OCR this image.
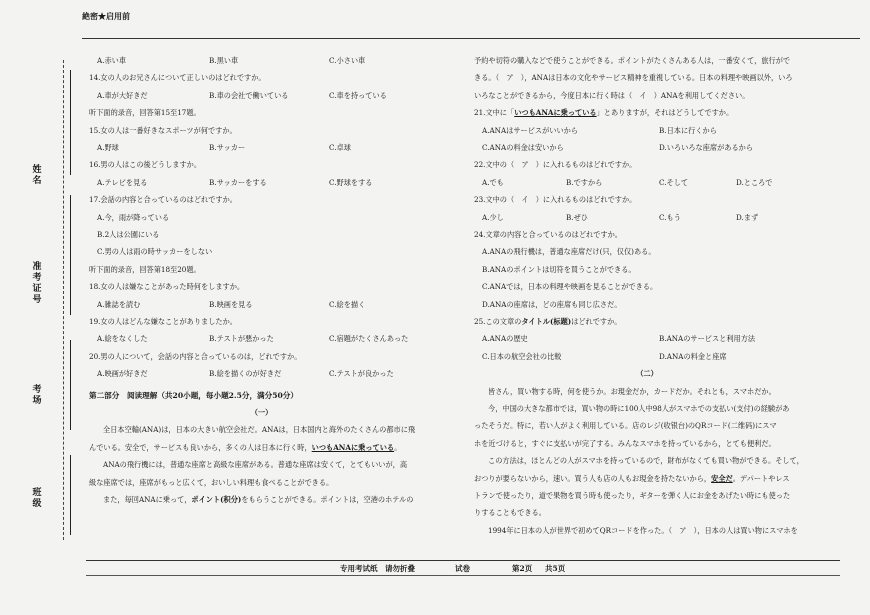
絶密★启用前
姓名
准考证号
考场
班级
A.赤い車	B.黒い車	C.小さい車
14.女の人のお兄さんについて正しいのはどれですか。
A.車が大好きだ	B.車の会社で働いている	C.車を持っている
听下面的录音，回答第15至17题。
15.女の人は一番好きなスポーツが何ですか。
A.野球	B.サッカー	C.卓球
16.男の人はこの後どうしますか。
A.テレビを見る	B.サッカーをする	C.野球をする
17.会話の内容と合っているのはどれですか。
A.今，雨が降っている
B.2人は公園にいる
C.男の人は雨の時サッカーをしない
听下面的录音，回答第18至20题。
18.女の人は嫌なことがあった時何をしますか。
A.雑誌を読む	B.映画を見る	C.絵を描く
19.女の人はどんな嫌なことがありましたか。
A.絵をなくした	B.テストが悪かった	C.宿題がたくさんあった
20.男の人について，会話の内容と合っているのは，どれですか。
A.映画が好きだ	B.絵を描くのが好きだ	C.テストが良かった
第二部分　阅读理解（共20小题，每小题2.5分，满分50分）
（一）
全日本空輸(ANA)は，日本の大きい航空会社だ。ANAは，日本国内と海外のたくさんの都市に飛
んでいる。安全で，サービスも良いから，多くの人は日本に行く時，いつもANAに乗っている。
ANAの飛行機には，普通な座席と高級な座席がある。普通な座席は安くて，とてもいいが，高
級な座席では，座席がもっと広くて，おいしい料理も食べることができる。
また，毎回ANAに乗って，ポイント(积分)をもらうことができる。ポイントは，空港のホテルの
予約や切符の購入などで使うことができる。ポイントがたくさんある人は，一番安くて，旅行がで
きる。（　ア　），ANAは日本の文化やサービス精神を重視している。日本の料理や映画以外，いろ
いろなことができるから，今度日本に行く時は（　イ　）ANAを利用してください。
21.文中に「いつもANAに乗っている」とありますが，それはどうしてですか。
A.ANAはサービスがいいから	B.日本に行くから
C.ANAの料金は安いから	D.いろいろな座席があるから
22.文中の（　ア　）に入れるものはどれですか。
A.でも	B.ですから	C.そして	D.ところで
23.文中の（　イ　）に入れるものはどれですか。
A.少し	B.ぜひ	C.もう	D.まず
24.文章の内容と合っているのはどれですか。
A.ANAの飛行機は，普通な座席だけ(只，仅仅)ある。
B.ANAのポイントは切符を買うことができる。
C.ANAでは，日本の料理や映画を見ることができる。
D.ANAの座席は，どの座席も同じ広さだ。
25.この文章のタイトル(标题)はどれですか。
A.ANAの歴史	B.ANAのサービスと利用方法
C.日本の航空会社の比較	D.ANAの料金と座席
（二）
皆さん，買い物する時，何を使うか。お現金だか，カードだか。それとも，スマホだか。
今，中国の大きな都市では，買い物の時に100人中98人がスマホでの支払い(支付)の経験があ
ったそうだ。特に，若い人がよく利用している。店のレジ(收银台)のQRコード(二维码)にスマ
ホを近づけると，すぐに支払いが完了する。みんなスマホを持っているから，とても便利だ。
この方法は，ほとんどの人がスマホを持っているので，財布がなくても買い物ができる。そして，
おつりが要らないから，速い。買う人も店の人もお現金を持たないから，安全だ。デパートやレス
トランで使ったり，道で果物を買う時も使ったり，ギターを弾く人にお金をあげたい時にも使った
りすることもできる。
1994年に日本の人が世界で初めてQRコードを作った。（　ア　），日本の人は買い物にスマホを
专用考试纸　请勿折叠	试卷	第2页 共5页
